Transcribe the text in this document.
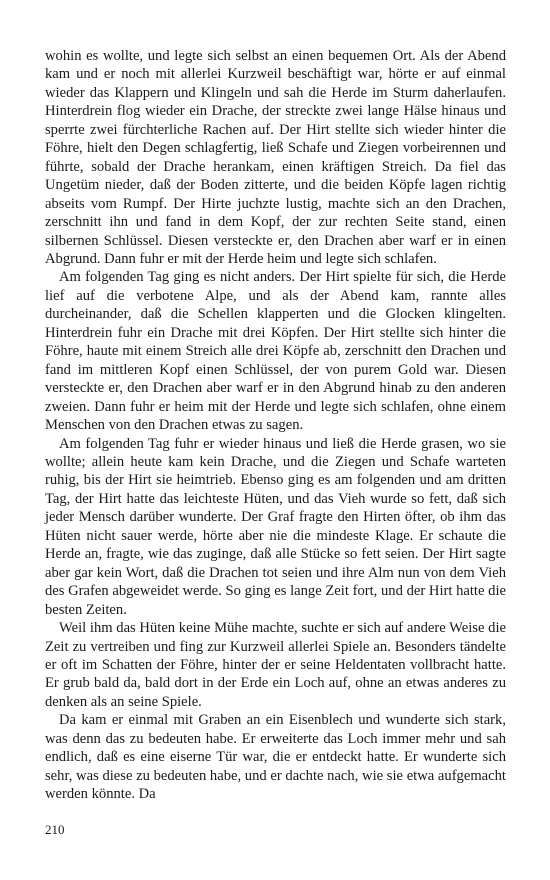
wohin es wollte, und legte sich selbst an einen bequemen Ort. Als der Abend kam und er noch mit allerlei Kurzweil beschäftigt war, hörte er auf einmal wieder das Klappern und Klingeln und sah die Herde im Sturm daherlaufen. Hinterdrein flog wieder ein Drache, der streckte zwei lange Hälse hinaus und sperrte zwei fürchterliche Rachen auf. Der Hirt stellte sich wieder hinter die Föhre, hielt den Degen schlagfertig, ließ Schafe und Ziegen vorbeirennen und führte, sobald der Drache herankam, einen kräftigen Streich. Da fiel das Ungetüm nieder, daß der Boden zitterte, und die beiden Köpfe lagen richtig abseits vom Rumpf. Der Hirte juchzte lustig, machte sich an den Drachen, zerschnitt ihn und fand in dem Kopf, der zur rechten Seite stand, einen silbernen Schlüssel. Diesen versteckte er, den Drachen aber warf er in einen Abgrund. Dann fuhr er mit der Herde heim und legte sich schlafen.

Am folgenden Tag ging es nicht anders. Der Hirt spielte für sich, die Herde lief auf die verbotene Alpe, und als der Abend kam, rannte alles durcheinander, daß die Schellen klapperten und die Glocken klingelten. Hinterdrein fuhr ein Drache mit drei Köpfen. Der Hirt stellte sich hinter die Föhre, haute mit einem Streich alle drei Köpfe ab, zerschnitt den Drachen und fand im mittleren Kopf einen Schlüssel, der von purem Gold war. Diesen versteckte er, den Drachen aber warf er in den Abgrund hinab zu den anderen zweien. Dann fuhr er heim mit der Herde und legte sich schlafen, ohne einem Menschen von den Drachen etwas zu sagen.

Am folgenden Tag fuhr er wieder hinaus und ließ die Herde grasen, wo sie wollte; allein heute kam kein Drache, und die Ziegen und Schafe warteten ruhig, bis der Hirt sie heimtrieb. Ebenso ging es am folgenden und am dritten Tag, der Hirt hatte das leichteste Hüten, und das Vieh wurde so fett, daß sich jeder Mensch darüber wunderte. Der Graf fragte den Hirten öfter, ob ihm das Hüten nicht sauer werde, hörte aber nie die mindeste Klage. Er schaute die Herde an, fragte, wie das zuginge, daß alle Stücke so fett seien. Der Hirt sagte aber gar kein Wort, daß die Drachen tot seien und ihre Alm nun von dem Vieh des Grafen abgeweidet werde. So ging es lange Zeit fort, und der Hirt hatte die besten Zeiten.

Weil ihm das Hüten keine Mühe machte, suchte er sich auf andere Weise die Zeit zu vertreiben und fing zur Kurzweil allerlei Spiele an. Besonders tändelte er oft im Schatten der Föhre, hinter der er seine Heldentaten vollbracht hatte. Er grub bald da, bald dort in der Erde ein Loch auf, ohne an etwas anderes zu denken als an seine Spiele.

Da kam er einmal mit Graben an ein Eisenblech und wunderte sich stark, was denn das zu bedeuten habe. Er erweiterte das Loch immer mehr und sah endlich, daß es eine eiserne Tür war, die er entdeckt hatte. Er wunderte sich sehr, was diese zu bedeuten habe, und er dachte nach, wie sie etwa aufgemacht werden könnte. Da

210
